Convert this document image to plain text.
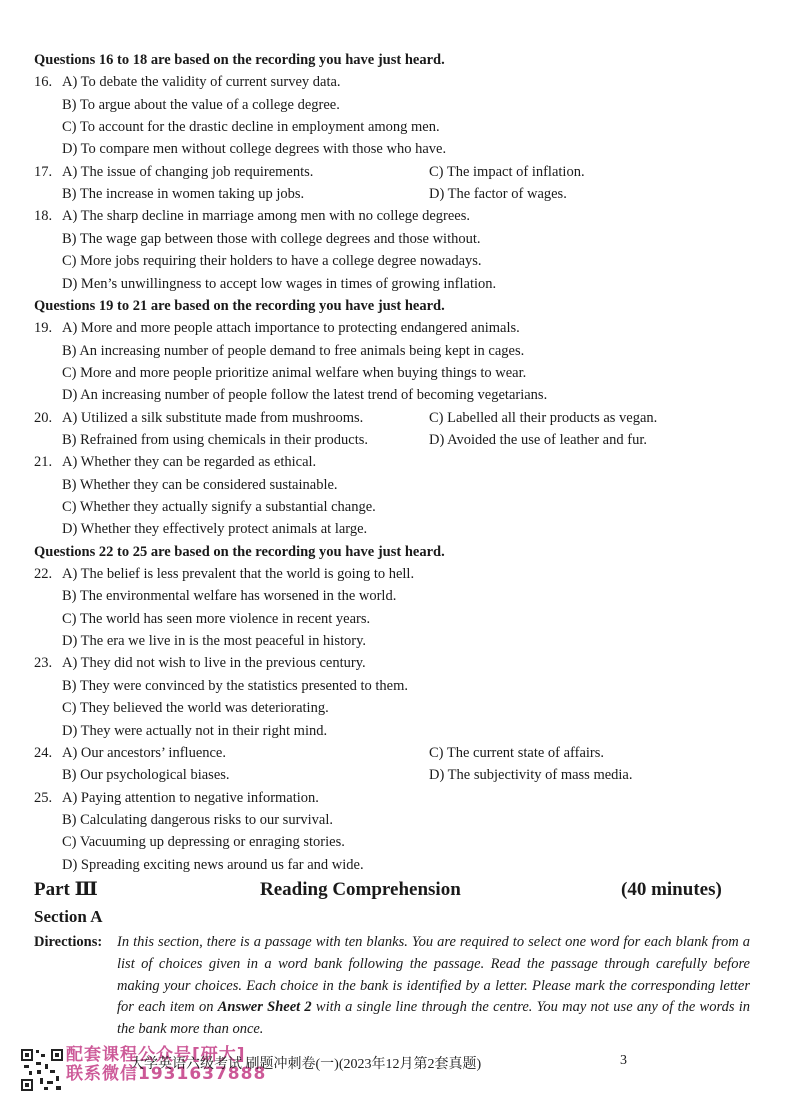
Questions 16 to 18 are based on the recording you have just heard.
16. A) To debate the validity of current survey data.
B) To argue about the value of a college degree.
C) To account for the drastic decline in employment among men.
D) To compare men without college degrees with those who have.
17. A) The issue of changing job requirements.	C) The impact of inflation.
B) The increase in women taking up jobs.	D) The factor of wages.
18. A) The sharp decline in marriage among men with no college degrees.
B) The wage gap between those with college degrees and those without.
C) More jobs requiring their holders to have a college degree nowadays.
D) Men’s unwillingness to accept low wages in times of growing inflation.
Questions 19 to 21 are based on the recording you have just heard.
19. A) More and more people attach importance to protecting endangered animals.
B) An increasing number of people demand to free animals being kept in cages.
C) More and more people prioritize animal welfare when buying things to wear.
D) An increasing number of people follow the latest trend of becoming vegetarians.
20. A) Utilized a silk substitute made from mushrooms.	C) Labelled all their products as vegan.
B) Refrained from using chemicals in their products.	D) Avoided the use of leather and fur.
21. A) Whether they can be regarded as ethical.
B) Whether they can be considered sustainable.
C) Whether they actually signify a substantial change.
D) Whether they effectively protect animals at large.
Questions 22 to 25 are based on the recording you have just heard.
22. A) The belief is less prevalent that the world is going to hell.
B) The environmental welfare has worsened in the world.
C) The world has seen more violence in recent years.
D) The era we live in is the most peaceful in history.
23. A) They did not wish to live in the previous century.
B) They were convinced by the statistics presented to them.
C) They believed the world was deteriorating.
D) They were actually not in their right mind.
24. A) Our ancestors’ influence.	C) The current state of affairs.
B) Our psychological biases.	D) The subjectivity of mass media.
25. A) Paying attention to negative information.
B) Calculating dangerous risks to our survival.
C) Vacuuming up depressing or enraging stories.
D) Spreading exciting news around us far and wide.
Part Ⅲ	Reading Comprehension	(40 minutes)
Section A
Directions: In this section, there is a passage with ten blanks. You are required to select one word for each blank from a list of choices given in a word bank following the passage. Read the passage through carefully before making your choices. Each choice in the bank is identified by a letter. Please mark the corresponding letter for each item on Answer Sheet 2 with a single line through the centre. You may not use any of the words in the bank more than once.
配套课程公众号[研大]
联系微信1931637888
大学英语六级考试 刷题冲刺卷(一)(2023年12月第2套真题)	3
